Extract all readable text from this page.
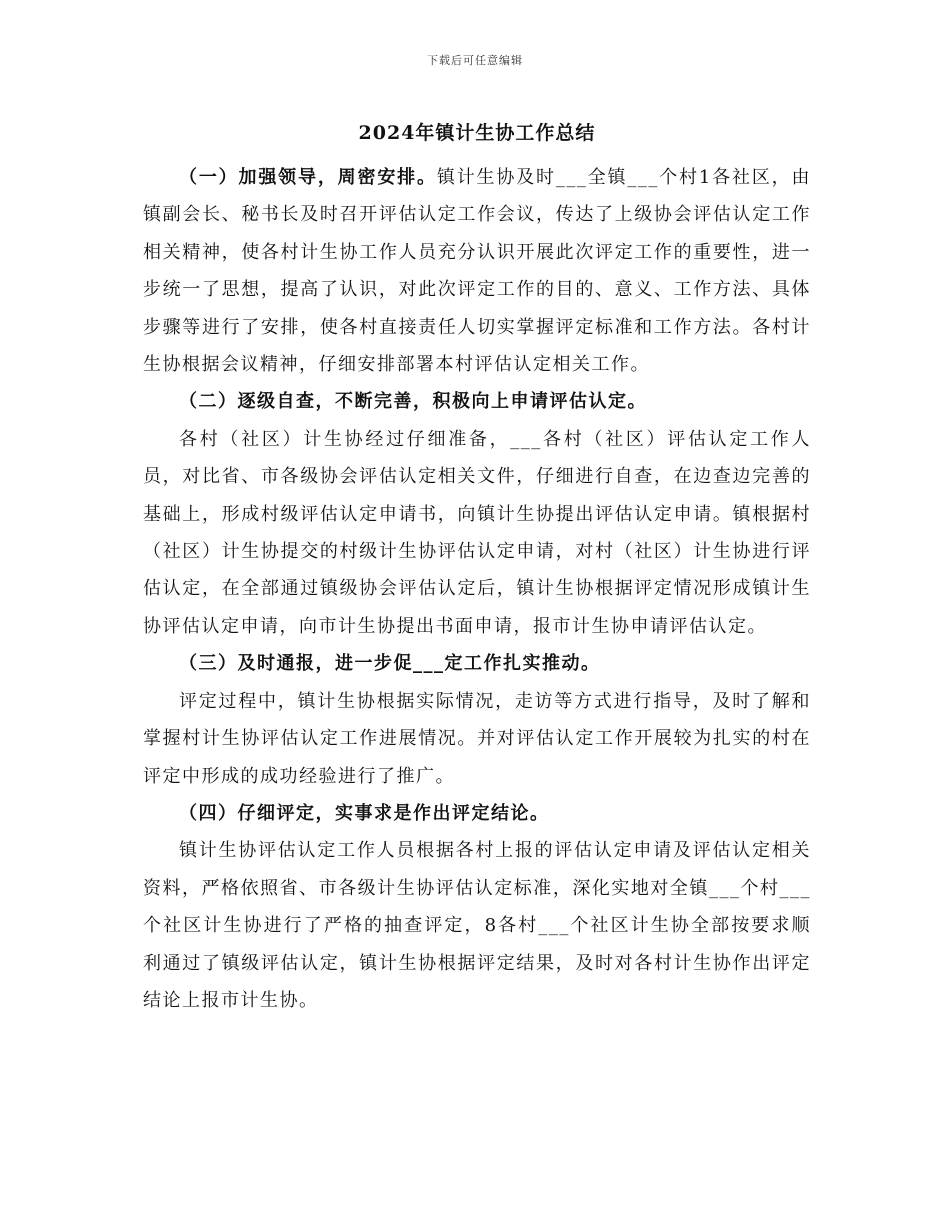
下载后可任意编辑
2024年镇计生协工作总结

（一）加强领导，周密安排。镇计生协及时___全镇___个村1各社区，由镇副会长、秘书长及时召开评估认定工作会议，传达了上级协会评估认定工作相关精神，使各村计生协工作人员充分认识开展此次评定工作的重要性，进一步统一了思想，提高了认识，对此次评定工作的目的、意义、工作方法、具体步骤等进行了安排，使各村直接责任人切实掌握评定标准和工作方法。各村计生协根据会议精神，仔细安排部署本村评估认定相关工作。

（二）逐级自查，不断完善，积极向上申请评估认定。

各村（社区）计生协经过仔细准备，___各村（社区）评估认定工作人员，对比省、市各级协会评估认定相关文件，仔细进行自查，在边查边完善的基础上，形成村级评估认定申请书，向镇计生协提出评估认定申请。镇根据村（社区）计生协提交的村级计生协评估认定申请，对村（社区）计生协进行评估认定，在全部通过镇级协会评估认定后，镇计生协根据评定情况形成镇计生协评估认定申请，向市计生协提出书面申请，报市计生协申请评估认定。

（三）及时通报，进一步促___定工作扎实推动。

评定过程中，镇计生协根据实际情况，走访等方式进行指导，及时了解和掌握村计生协评估认定工作进展情况。并对评估认定工作开展较为扎实的村在评定中形成的成功经验进行了推广。

（四）仔细评定，实事求是作出评定结论。

镇计生协评估认定工作人员根据各村上报的评估认定申请及评估认定相关资料，严格依照省、市各级计生协评估认定标准，深化实地对全镇___个村___个社区计生协进行了严格的抽查评定，8各村___个社区计生协全部按要求顺利通过了镇级评估认定，镇计生协根据评定结果，及时对各村计生协作出评定结论上报市计生协。
